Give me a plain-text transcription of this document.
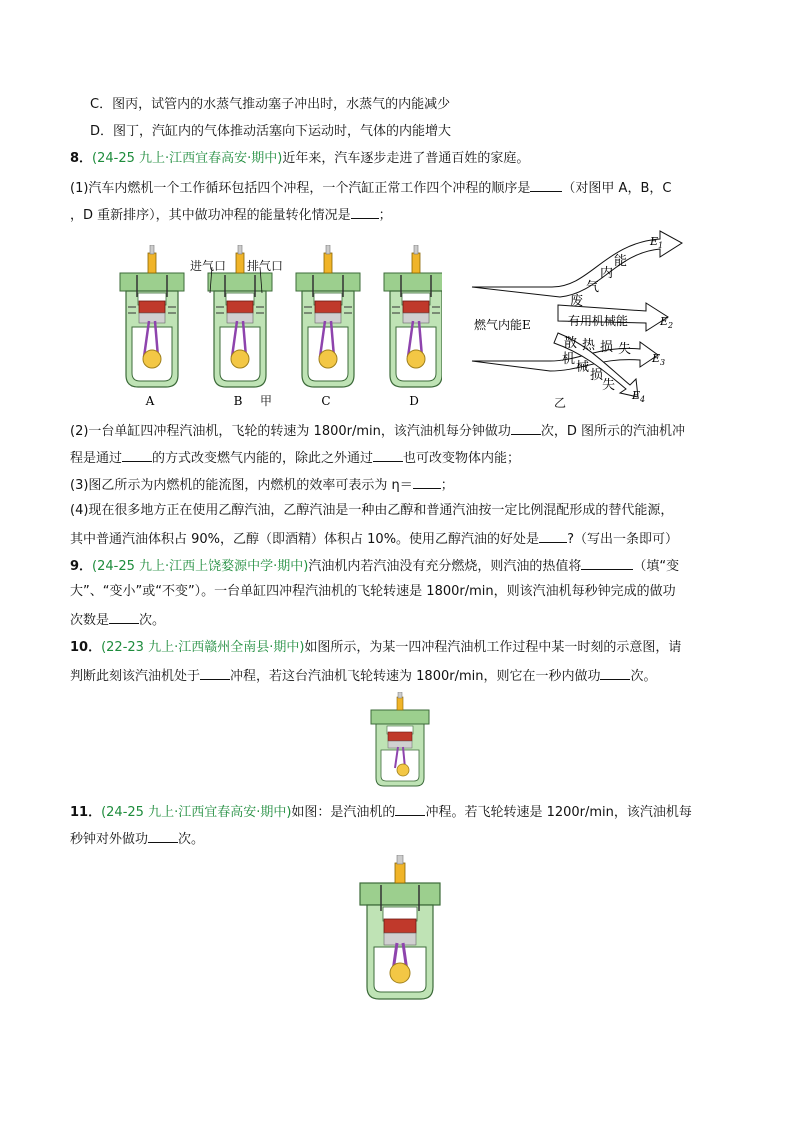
C．图丙，试管内的水蒸气推动塞子冲出时，水蒸气的内能减少
D．图丁，汽缸内的气体推动活塞向下运动时，气体的内能增大
8．(24-25 九上·江西宜春高安·期中)近年来，汽车逐步走进了普通百姓的家庭。
(1)汽车内燃机一个工作循环包括四个冲程，一个汽缸正常工作四个冲程的顺序是 （对图甲 A，B，C
，D 重新排序），其中做功冲程的能量转化情况是 ；
A	B	C	D
进气口 排气口
甲
燃气内能E
废
气
内
能
有用机械能
散 热 损 失
机
械
损
失
$E_1$
$E_2$
$E_3$
$E_4$
乙
(2)一台单缸四冲程汽油机，飞轮的转速为 1800r/min，该汽油机每分钟做功 次，D 图所示的汽油机冲
程是通过 的方式改变燃气内能的，除此之外通过 也可改变物体内能；
(3)图乙所示为内燃机的能流图，内燃机的效率可表示为 η＝ ；
(4)现在很多地方正在使用乙醇汽油，乙醇汽油是一种由乙醇和普通汽油按一定比例混配形成的替代能源，
其中普通汽油体积占 90%，乙醇（即酒精）体积占 10%。使用乙醇汽油的好处是 ?（写出一条即可）
9．(24-25 九上·江西上饶婺源中学·期中)汽油机内若汽油没有充分燃烧，则汽油的热值将	（填“变
大”、“变小”或“不变”）。一台单缸四冲程汽油机的飞轮转速是 1800r/min，则该汽油机每秒钟完成的做功
次数是 次。
10．(22-23 九上·江西赣州全南县·期中)如图所示，为某一四冲程汽油机工作过程中某一时刻的示意图，请
判断此刻该汽油机处于 冲程，若这台汽油机飞轮转速为 1800r/min，则它在一秒内做功 次。
11．(24-25 九上·江西宜春高安·期中)如图：是汽油机的 冲程。若飞轮转速是 1200r/min，该汽油机每
秒钟对外做功 次。
